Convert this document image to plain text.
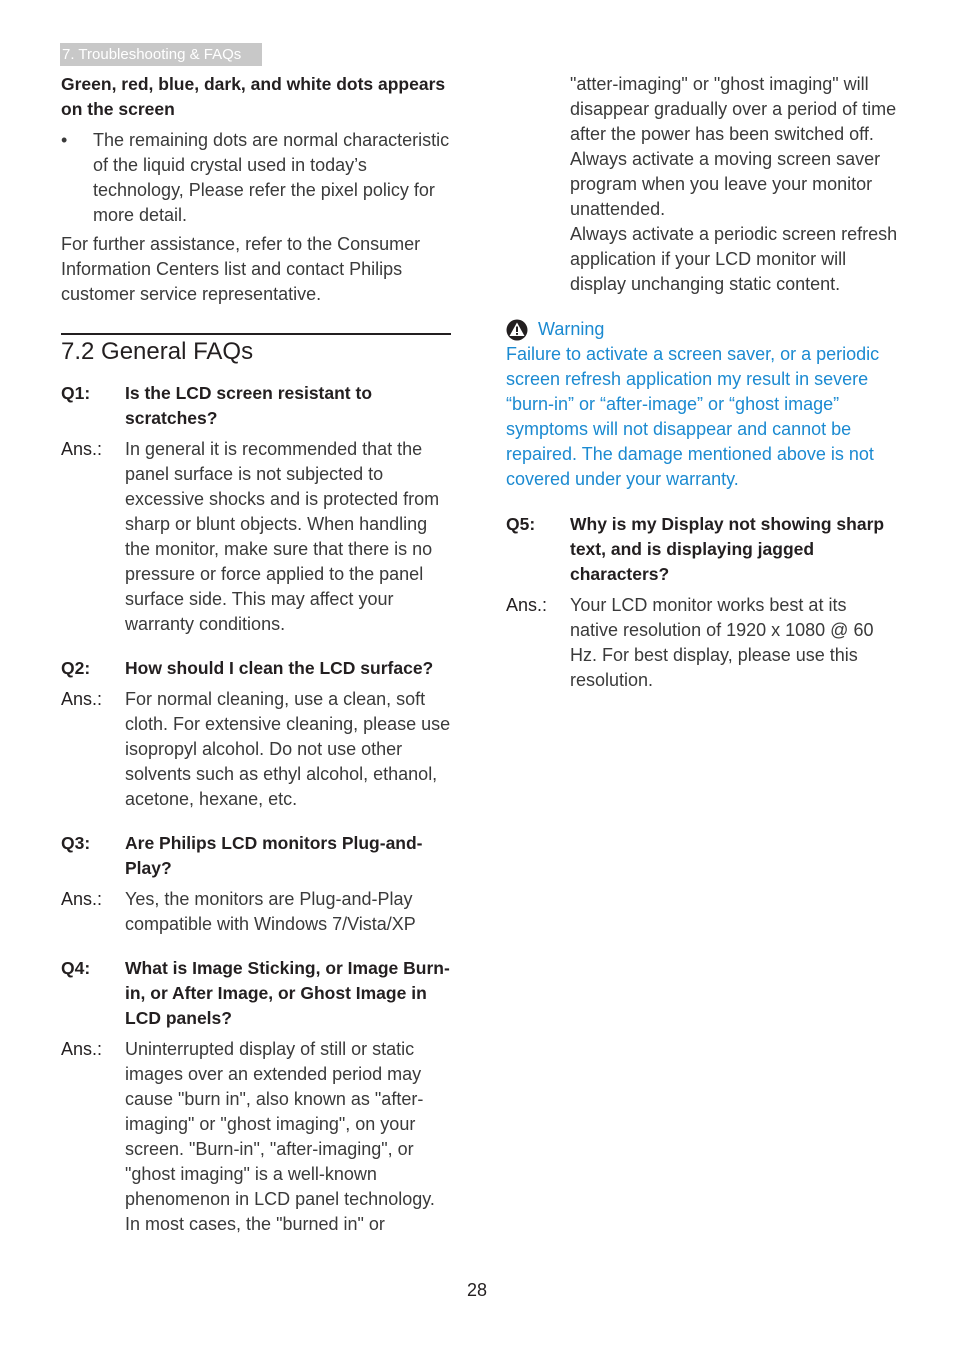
7. Troubleshooting & FAQs

Green, red, blue, dark, and white dots appears on the screen

•	The remaining dots are normal characteristic of the liquid crystal used in today’s technology, Please refer the pixel policy for more detail.

For further assistance, refer to the Consumer Information Centers list and contact Philips customer service representative.

7.2 General FAQs
Q1:	Is the LCD screen resistant to scratches?
Ans.:	In general it is recommended that the panel surface is not subjected to excessive shocks and is protected from sharp or blunt objects. When handling the monitor, make sure that there is no pressure or force applied to the panel surface side. This may affect your warranty conditions.
Q2:	How should I clean the LCD surface?
Ans.:	For normal cleaning, use a clean, soft cloth. For extensive cleaning, please use isopropyl alcohol. Do not use other solvents such as ethyl alcohol, ethanol, acetone, hexane, etc.
Q3:	Are Philips LCD monitors Plug-and-Play?
Ans.:	Yes, the monitors are Plug-and-Play compatible with Windows 7/Vista/XP
Q4:	What is Image Sticking, or Image Burn-in, or After Image, or Ghost Image in LCD panels?
Ans.:	Uninterrupted display of still or static images over an extended period may cause "burn in", also known as "after-imaging" or "ghost imaging", on your screen. "Burn-in", "after-imaging", or "ghost imaging" is a well-known phenomenon in LCD panel technology. In most cases, the "burned in" or

"atter-imaging" or "ghost imaging" will disappear gradually over a period of time after the power has been switched off.

Always activate a moving screen saver program when you leave your monitor unattended.

Always activate a periodic screen refresh application if your LCD monitor will display unchanging static content.

Warning

Failure to activate a screen saver, or a periodic screen refresh application my result in severe “burn-in” or “after-image” or “ghost image” symptoms will not disappear and cannot be repaired. The damage mentioned above is not covered under your warranty.

Q5:	Why is my Display not showing sharp text, and is displaying jagged characters?
Ans.:	Your LCD monitor works best at its native resolution of 1920 x 1080 @ 60 Hz. For best display, please use this resolution.
28
